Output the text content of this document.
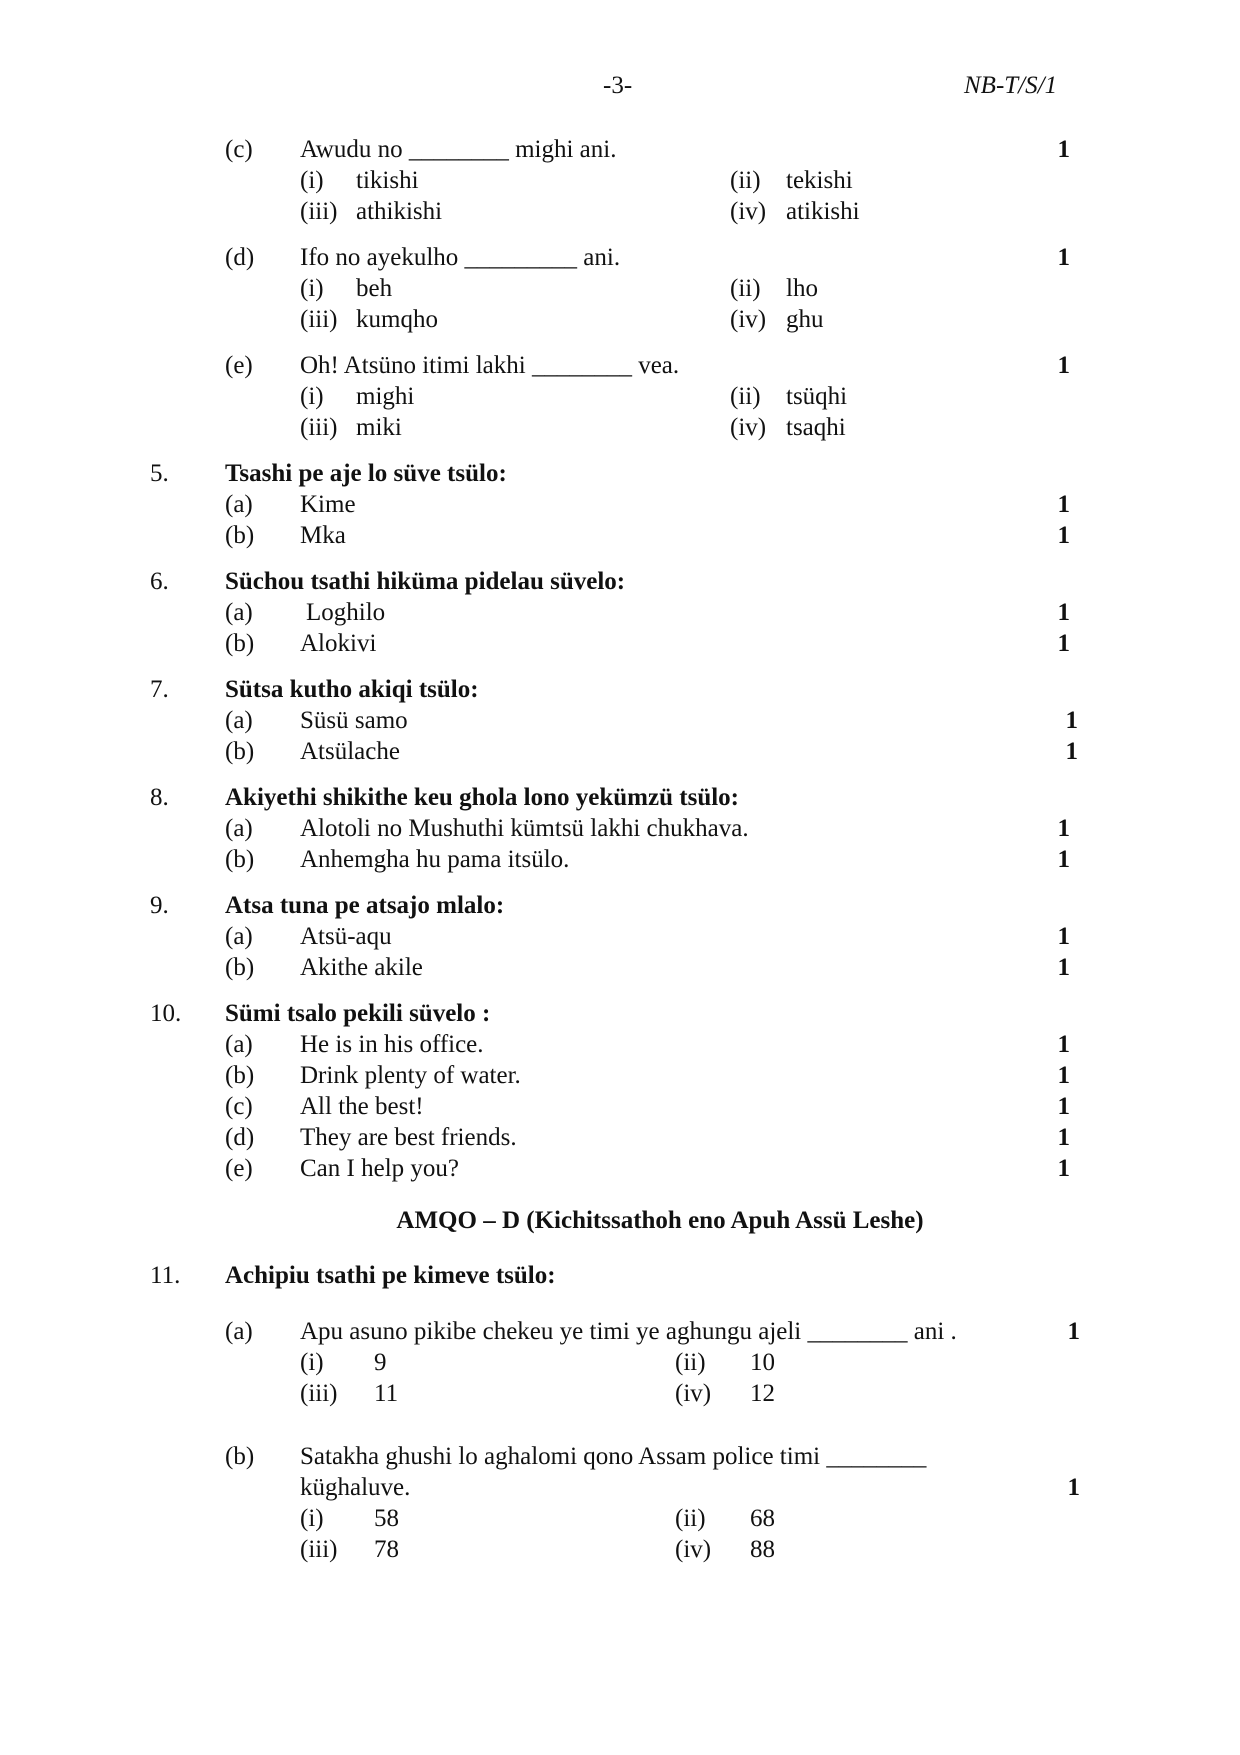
-3-	NB-T/S/1
(c) Awudu no ________ mighi ani.	1
(i) tikishi	(ii) tekishi
(iii) athikishi	(iv) atikishi
(d) Ifo no ayekulho _________ ani.	1
(i) beh	(ii) lho
(iii) kumqho	(iv) ghu
(e) Oh! Atsüno itimi lakhi ________ vea.	1
(i) mighi	(ii) tsüqhi
(iii) miki	(iv) tsaqhi
5. Tsashi pe aje lo süve tsülo:
(a) Kime	1
(b) Mka	1
6. Süchou tsathi hiküma pidelau süvelo:
(a) Loghilo	1
(b) Alokivi	1
7. Sütsa kutho akiqi tsülo:
(a) Süsü samo	1
(b) Atsülache	1
8. Akiyethi shikithe keu ghola lono yekümzü tsülo:
(a) Alotoli no Mushuthi kümtsü lakhi chukhava.	1
(b) Anhemgha hu pama itsülo.	1
9. Atsa tuna pe atsajo mlalo:
(a) Atsü-aqu	1
(b) Akithe akile	1
10. Sümi tsalo pekili süvelo :
(a) He is in his office.	1
(b) Drink plenty of water.	1
(c) All the best!	1
(d) They are best friends.	1
(e) Can I help you?	1
AMQO – D (Kichitssathoh eno Apuh Assü Leshe)
11. Achipiu tsathi pe kimeve tsülo:
(a) Apu asuno pikibe chekeu ye timi ye aghungu ajeli ________ ani .	1
(i) 9	(ii) 10
(iii) 11	(iv) 12
(b) Satakha ghushi lo aghalomi qono Assam police timi ________
küghaluve.	1
(i) 58	(ii) 68
(iii) 78	(iv) 88
